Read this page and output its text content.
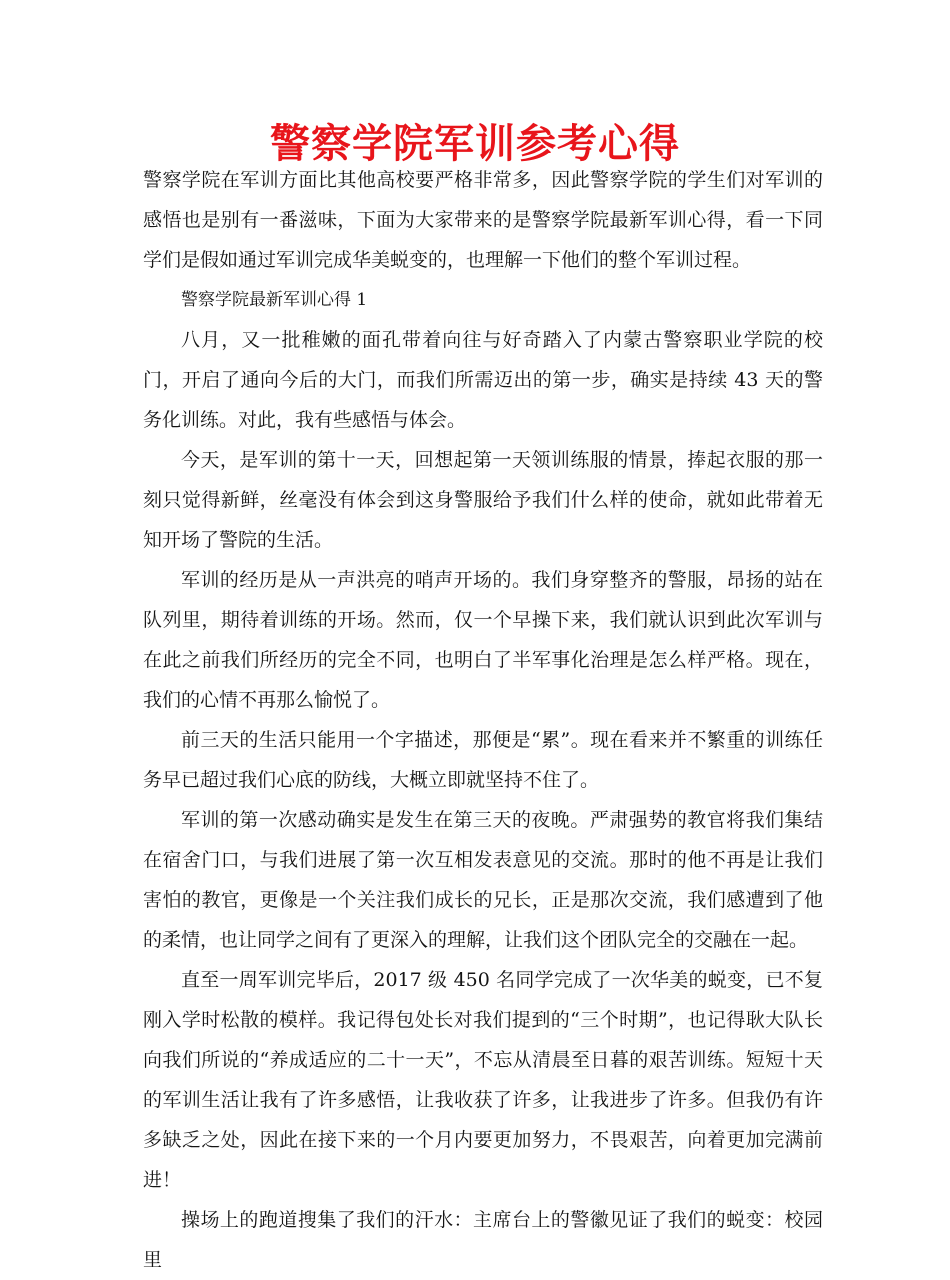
警察学院军训参考心得

警察学院在军训方面比其他高校要严格非常多，因此警察学院的学生们对军训的感悟也是别有一番滋味，下面为大家带来的是警察学院最新军训心得，看一下同学们是假如通过军训完成华美蜕变的，也理解一下他们的整个军训过程。

警察学院最新军训心得 1

八月，又一批稚嫩的面孔带着向往与好奇踏入了内蒙古警察职业学院的校门，开启了通向今后的大门，而我们所需迈出的第一步，确实是持续 43 天的警务化训练。对此，我有些感悟与体会。

今天，是军训的第十一天，回想起第一天领训练服的情景，捧起衣服的那一刻只觉得新鲜，丝毫没有体会到这身警服给予我们什么样的使命，就如此带着无知开场了警院的生活。

军训的经历是从一声洪亮的哨声开场的。我们身穿整齐的警服，昂扬的站在队列里，期待着训练的开场。然而，仅一个早操下来，我们就认识到此次军训与在此之前我们所经历的完全不同，也明白了半军事化治理是怎么样严格。现在，我们的心情不再那么愉悦了。

前三天的生活只能用一个字描述，那便是“累”。现在看来并不繁重的训练任务早已超过我们心底的防线，大概立即就坚持不住了。

军训的第一次感动确实是发生在第三天的夜晚。严肃强势的教官将我们集结在宿舍门口，与我们进展了第一次互相发表意见的交流。那时的他不再是让我们害怕的教官，更像是一个关注我们成长的兄长，正是那次交流，我们感遭到了他的柔情，也让同学之间有了更深入的理解，让我们这个团队完全的交融在一起。

直至一周军训完毕后，2017 级 450 名同学完成了一次华美的蜕变，已不复刚入学时松散的模样。我记得包处长对我们提到的“三个时期”，也记得耿大队长向我们所说的“养成适应的二十一天”，不忘从清晨至日暮的艰苦训练。短短十天的军训生活让我有了许多感悟，让我收获了许多，让我进步了许多。但我仍有许多缺乏之处，因此在接下来的一个月内要更加努力，不畏艰苦，向着更加完满前进！

操场上的跑道搜集了我们的汗水：主席台上的警徽见证了我们的蜕变：校园里
